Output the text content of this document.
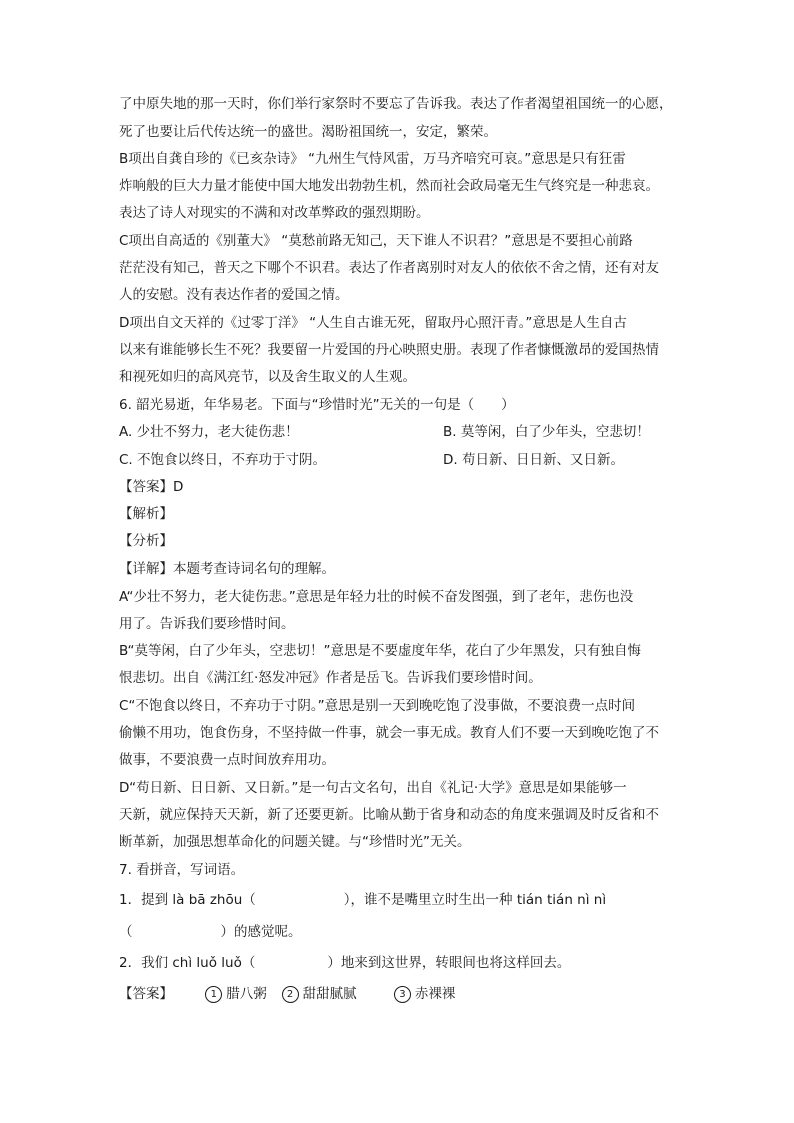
了中原失地的那一天时，你们举行家祭时不要忘了告诉我。表达了作者渴望祖国统一的心愿，
死了也要让后代传达统一的盛世。渴盼祖国统一，安定，繁荣。
B项出自龚自珍的《已亥杂诗》 “九州生气恃风雷，万马齐喑究可哀。”意思是只有狂雷
炸响般的巨大力量才能使中国大地发出勃勃生机，然而社会政局毫无生气终究是一种悲哀。
表达了诗人对现实的不满和对改革弊政的强烈期盼。
C项出自高适的《别董大》 “莫愁前路无知己，天下谁人不识君？”意思是不要担心前路
茫茫没有知己，普天之下哪个不识君。表达了作者离别时对友人的依依不舍之情，还有对友
人的安慰。没有表达作者的爱国之情。
D项出自文天祥的《过零丁洋》 “人生自古谁无死，留取丹心照汗青。”意思是人生自古
以来有谁能够长生不死？我要留一片爱国的丹心映照史册。表现了作者慷慨激昂的爱国热情
和视死如归的高风亮节，以及舍生取义的人生观。
6. 韶光易逝，年华易老。下面与“珍惜时光”无关的一句是（　　）
A. 少壮不努力，老大徒伤悲！	B. 莫等闲，白了少年头，空悲切！
C. 不饱食以终日，不弃功于寸阴。	D. 苟日新、日日新、又日新。
【答案】D
【解析】
【分析】
【详解】本题考查诗词名句的理解。
A“少壮不努力，老大徒伤悲。”意思是年轻力壮的时候不奋发图强，到了老年，悲伤也没
用了。告诉我们要珍惜时间。
B“莫等闲，白了少年头，空悲切！”意思是不要虚度年华，花白了少年黑发，只有独自悔
恨悲切。出自《满江红·怒发冲冠》作者是岳飞。告诉我们要珍惜时间。
C“不饱食以终日，不弃功于寸阴。”意思是别一天到晚吃饱了没事做，不要浪费一点时间
偷懒不用功，饱食伤身，不坚持做一件事，就会一事无成。教育人们不要一天到晚吃饱了不
做事，不要浪费一点时间放弃用功。
D“苟日新、日日新、又日新。”是一句古文名句，出自《礼记·大学》意思是如果能够一
天新，就应保持天天新，新了还要更新。比喻从勤于省身和动态的角度来强调及时反省和不
断革新，加强思想革命化的问题关键。与“珍惜时光”无关。
7. 看拼音，写词语。
1．提到 là bā zhōu（	），谁不是嘴里立时生出一种 tián tián nì nì
（	）的感觉呢。
2．我们 chì luǒ luǒ（	）地来到这世界，转眼间也将这样回去。
【答案】	1 腊八粥 2 甜甜腻腻	3 赤裸裸
